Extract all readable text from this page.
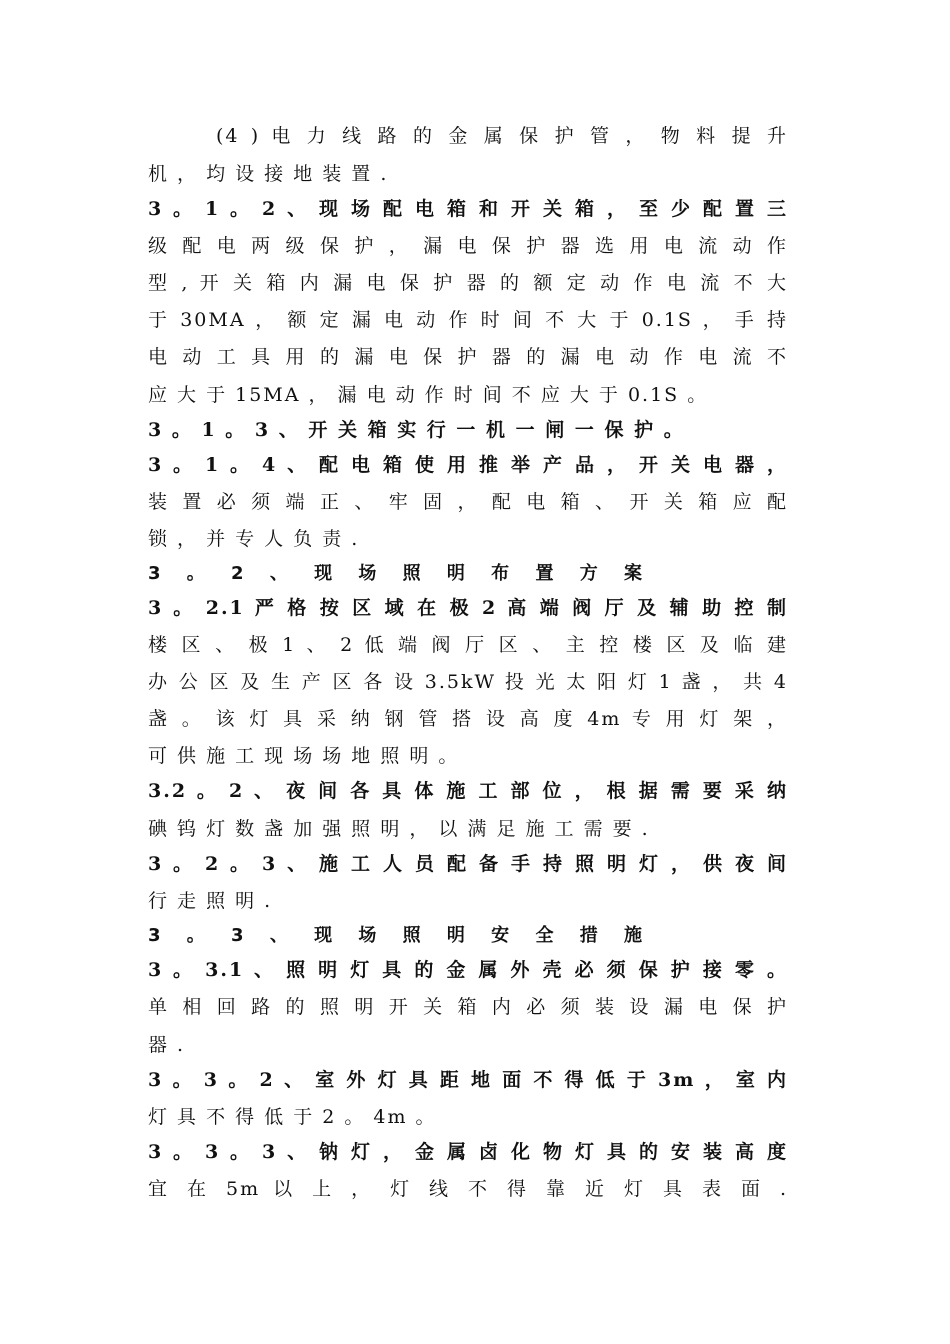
(4 ) 电 力 线 路 的 金 属 保 护 管 ， 物 料 提 升
机 ， 均 设 接 地 装 置 .
3 。 1 。 2 、 现 场 配 电 箱 和 开 关 箱 ， 至 少 配 置 三
级 配 电 两 级 保 护 ， 漏 电 保 护 器 选 用 电 流 动 作
型 , 开 关 箱 内 漏 电 保 护 器 的 额 定 动 作 电 流 不 大
于 30MA ， 额 定 漏 电 动 作 时 间 不 大 于 0.1S ， 手 持
电 动 工 具 用 的 漏 电 保 护 器 的 漏 电 动 作 电 流 不
应 大 于 15MA ， 漏 电 动 作 时 间 不 应 大 于 0.1S 。
3 。 1 。 3 、 开 关 箱 实 行 一 机 一 闸 一 保 护 。
3 。 1 。 4 、 配 电 箱 使 用 推 举 产 品 ， 开 关 电 器 ，
装 置 必 须 端 正 、 牢 固 ， 配 电 箱 、 开 关 箱 应 配
锁 ， 并 专 人 负 责 .
3 。 2 、 现 场 照 明 布 置 方 案
3 。 2.1 严 格 按 区 域 在 极 2 高 端 阀 厅 及 辅 助 控 制
楼 区 、 极 1 、 2 低 端 阀 厅 区 、 主 控 楼 区 及 临 建
办 公 区 及 生 产 区 各 设 3.5kW 投 光 太 阳 灯 1 盏 ， 共 4
盏 。 该 灯 具 采 纳 钢 管 搭 设 高 度 4m 专 用 灯 架 ，
可 供 施 工 现 场 场 地 照 明 。
3.2 。 2 、 夜 间 各 具 体 施 工 部 位 ， 根 据 需 要 采 纳
碘 钨 灯 数 盏 加 强 照 明 ， 以 满 足 施 工 需 要 .
3 。 2 。 3 、 施 工 人 员 配 备 手 持 照 明 灯 ， 供 夜 间
行 走 照 明 .
3 。 3 、 现 场 照 明 安 全 措 施
3 。 3.1 、 照 明 灯 具 的 金 属 外 壳 必 须 保 护 接 零 。
单 相 回 路 的 照 明 开 关 箱 内 必 须 装 设 漏 电 保 护
器 .
3 。 3 。 2 、 室 外 灯 具 距 地 面 不 得 低 于 3m ， 室 内
灯 具 不 得 低 于 2 。 4m 。
3 。 3 。 3 、 钠 灯 ， 金 属 卤 化 物 灯 具 的 安 装 高 度
宜 在 5m 以 上 ， 灯 线 不 得 靠 近 灯 具 表 面 .
